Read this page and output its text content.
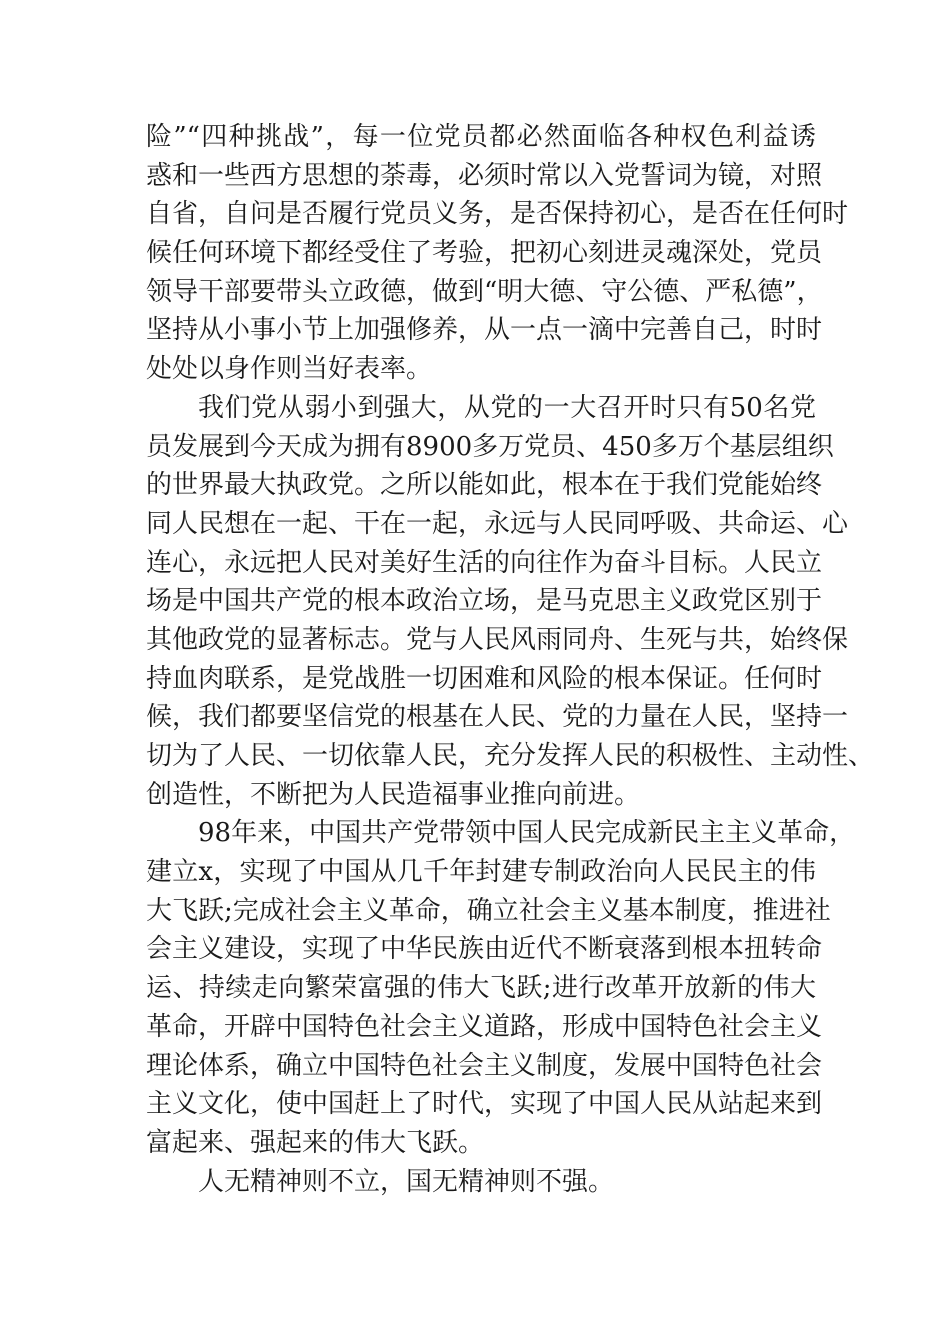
险”“四种挑战”，每一位党员都必然面临各种权色利益诱
惑和一些西方思想的荼毒，必须时常以入党誓词为镜，对照
自省，自问是否履行党员义务，是否保持初心，是否在任何时
候任何环境下都经受住了考验，把初心刻进灵魂深处，党员
领导干部要带头立政德，做到“明大德、守公德、严私德”，
坚持从小事小节上加强修养，从一点一滴中完善自己，时时
处处以身作则当好表率。
我们党从弱小到强大，从党的一大召开时只有50名党
员发展到今天成为拥有8900多万党员、450多万个基层组织
的世界最大执政党。之所以能如此，根本在于我们党能始终
同人民想在一起、干在一起，永远与人民同呼吸、共命运、心
连心，永远把人民对美好生活的向往作为奋斗目标。人民立
场是中国共产党的根本政治立场，是马克思主义政党区别于
其他政党的显著标志。党与人民风雨同舟、生死与共，始终保
持血肉联系，是党战胜一切困难和风险的根本保证。任何时
候，我们都要坚信党的根基在人民、党的力量在人民，坚持一
切为了人民、一切依靠人民，充分发挥人民的积极性、主动性、
创造性，不断把为人民造福事业推向前进。
98年来，中国共产党带领中国人民完成新民主主义革命，
建立x，实现了中国从几千年封建专制政治向人民民主的伟
大飞跃;完成社会主义革命，确立社会主义基本制度，推进社
会主义建设，实现了中华民族由近代不断衰落到根本扭转命
运、持续走向繁荣富强的伟大飞跃;进行改革开放新的伟大
革命，开辟中国特色社会主义道路，形成中国特色社会主义
理论体系，确立中国特色社会主义制度，发展中国特色社会
主义文化，使中国赶上了时代，实现了中国人民从站起来到
富起来、强起来的伟大飞跃。
人无精神则不立，国无精神则不强。
